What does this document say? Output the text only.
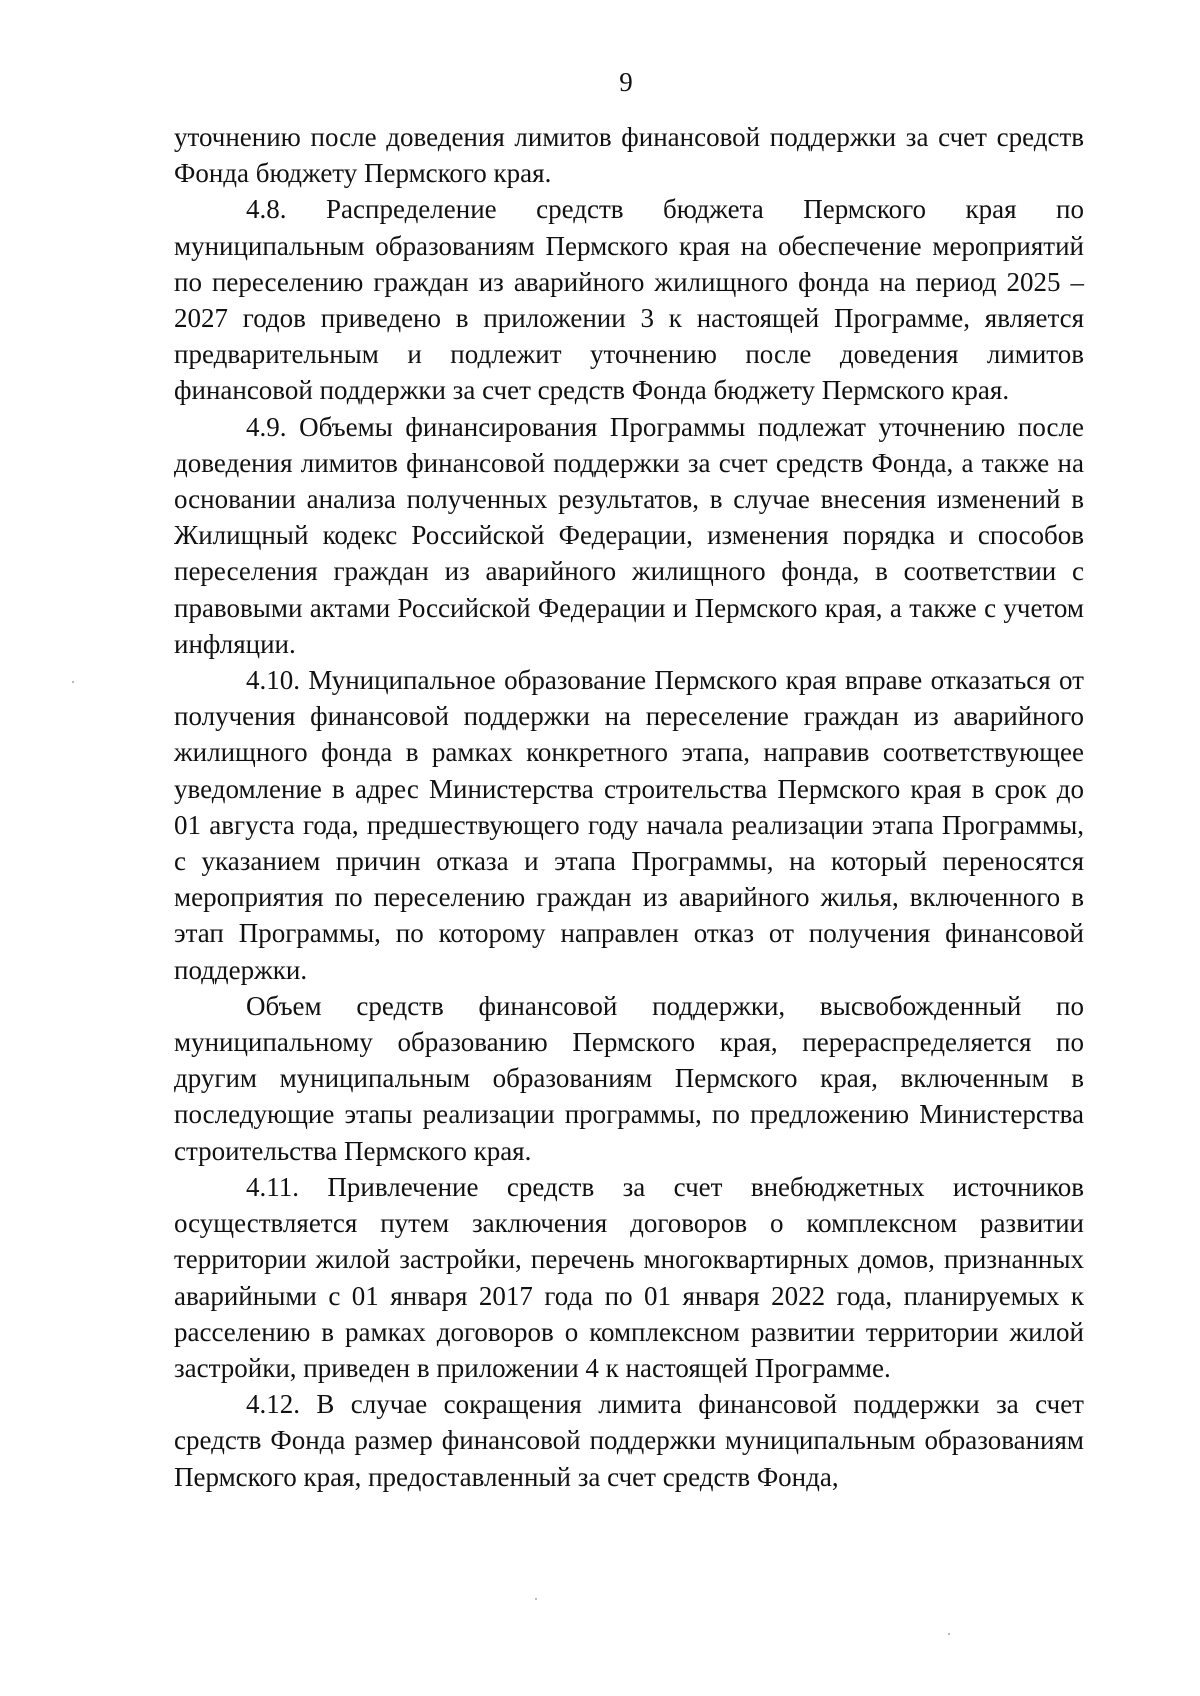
9

уточнению после доведения лимитов финансовой поддержки за счет средств Фонда бюджету Пермского края.

4.8. Распределение средств бюджета Пермского края по муниципальным образованиям Пермского края на обеспечение мероприятий по переселению граждан из аварийного жилищного фонда на период 2025 – 2027 годов приведено в приложении 3 к настоящей Программе, является предварительным и подлежит уточнению после доведения лимитов финансовой поддержки за счет средств Фонда бюджету Пермского края.

4.9. Объемы финансирования Программы подлежат уточнению после доведения лимитов финансовой поддержки за счет средств Фонда, а также на основании анализа полученных результатов, в случае внесения изменений в Жилищный кодекс Российской Федерации, изменения порядка и способов переселения граждан из аварийного жилищного фонда, в соответствии с правовыми актами Российской Федерации и Пермского края, а также с учетом инфляции.

4.10. Муниципальное образование Пермского края вправе отказаться от получения финансовой поддержки на переселение граждан из аварийного жилищного фонда в рамках конкретного этапа, направив соответствующее уведомление в адрес Министерства строительства Пермского края в срок до 01 августа года, предшествующего году начала реализации этапа Программы, с указанием причин отказа и этапа Программы, на который переносятся мероприятия по переселению граждан из аварийного жилья, включенного в этап Программы, по которому направлен отказ от получения финансовой поддержки.

Объем средств финансовой поддержки, высвобожденный по муниципальному образованию Пермского края, перераспределяется по другим муниципальным образованиям Пермского края, включенным в последующие этапы реализации программы, по предложению Министерства строительства Пермского края.

4.11. Привлечение средств за счет внебюджетных источников осуществляется путем заключения договоров о комплексном развитии территории жилой застройки, перечень многоквартирных домов, признанных аварийными с 01 января 2017 года по 01 января 2022 года, планируемых к расселению в рамках договоров о комплексном развитии территории жилой застройки, приведен в приложении 4 к настоящей Программе.

4.12. В случае сокращения лимита финансовой поддержки за счет средств Фонда размер финансовой поддержки муниципальным образованиям Пермского края, предоставленный за счет средств Фонда,
